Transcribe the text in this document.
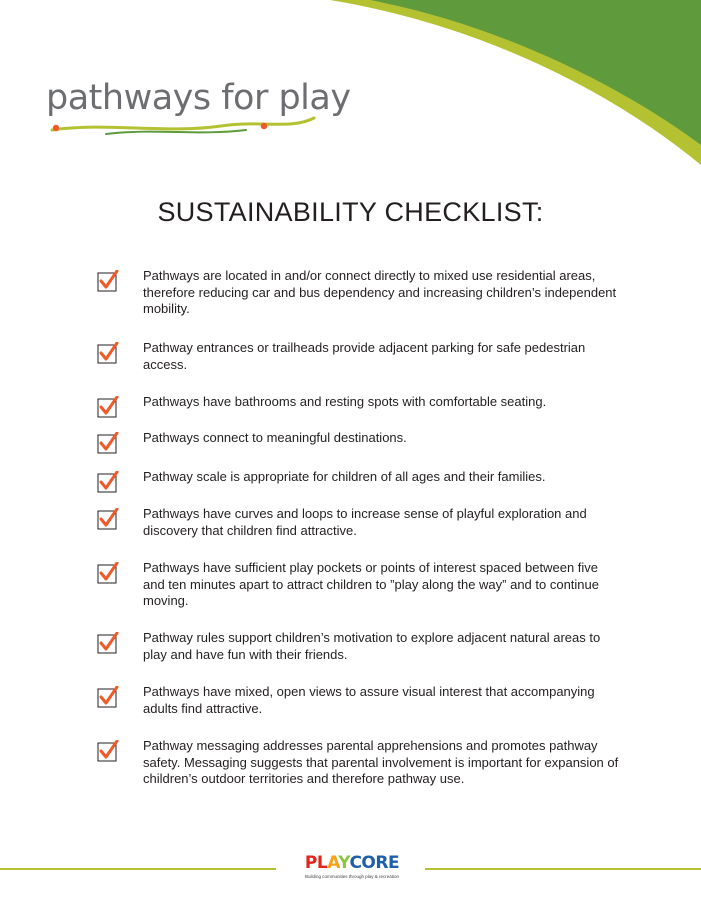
pathways for play
SUSTAINABILITY CHECKLIST:
Pathways are located in and/or connect directly to mixed use residential areas, therefore reducing car and bus dependency and increasing children’s independent mobility.
Pathway entrances or trailheads provide adjacent parking for safe pedestrian access.
Pathways have bathrooms and resting spots with comfortable seating.
Pathways connect to meaningful destinations.
Pathway scale is appropriate for children of all ages and their families.
Pathways have curves and loops to increase sense of playful exploration and discovery that children find attractive.
Pathways have sufficient play pockets or points of interest spaced between five and ten minutes apart to attract children to ”play along the way” and to continue moving.
Pathway rules support children’s motivation to explore adjacent natural areas to play and have fun with their friends.
Pathways have mixed, open views to assure visual interest that accompanying adults find attractive.
Pathway messaging addresses parental apprehensions and promotes pathway safety. Messaging suggests that parental involvement is important for expansion of children’s outdoor territories and therefore pathway use.
PLAYCORE
Building communities through play & recreation
